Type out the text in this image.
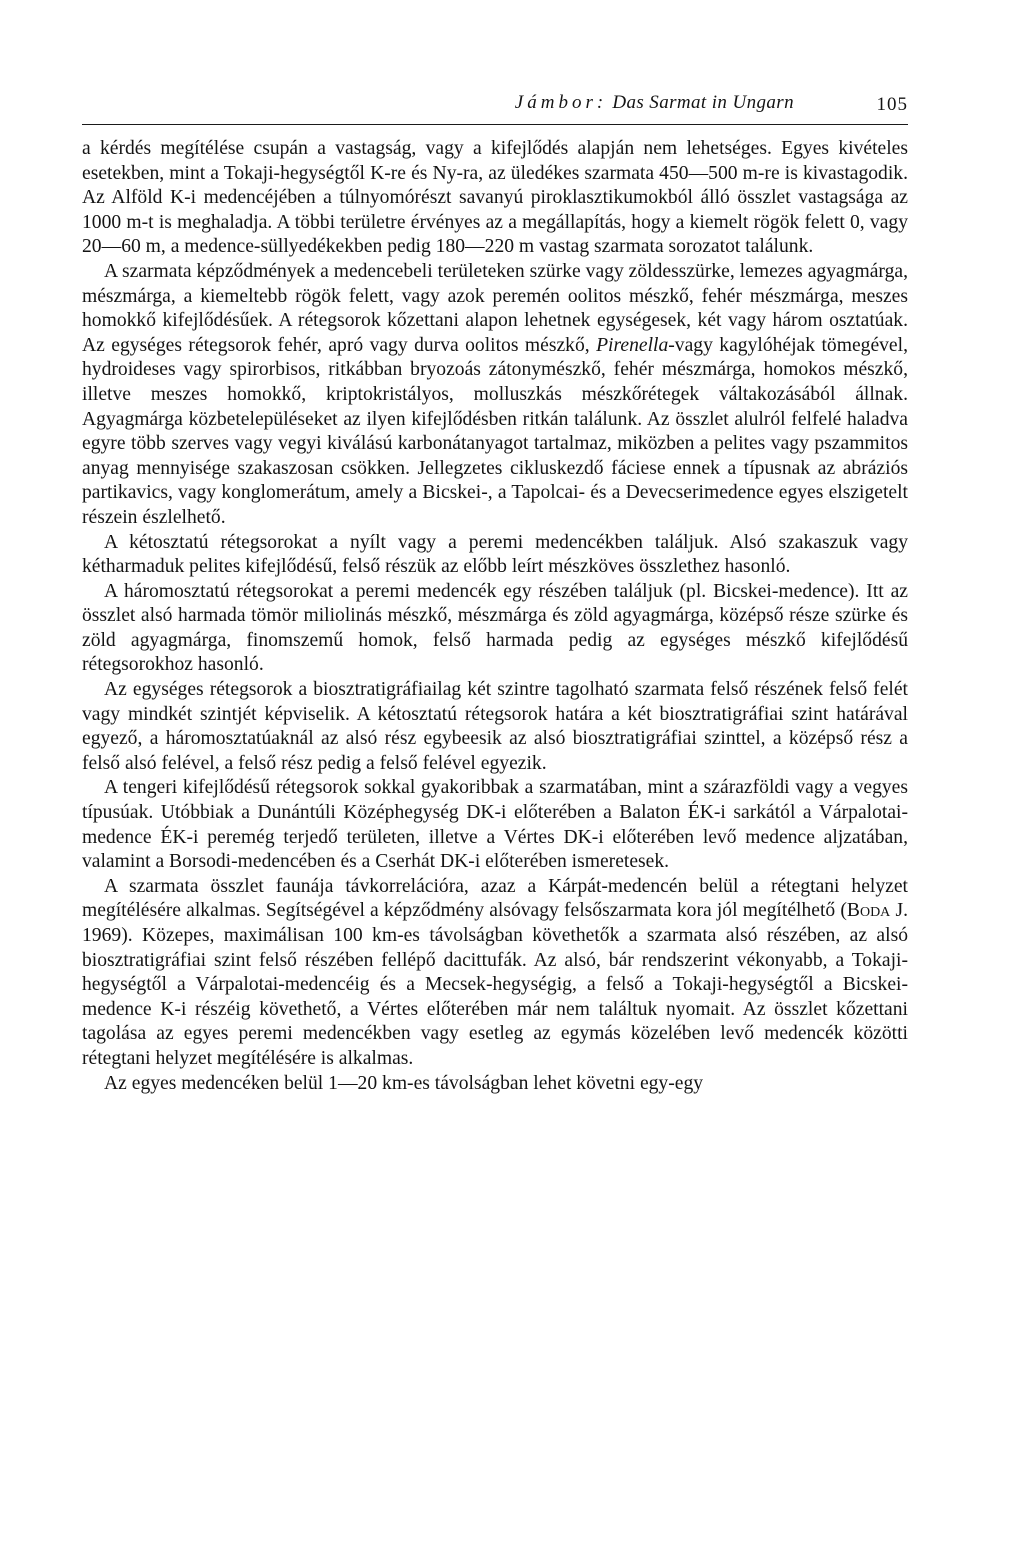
Jámbor: Das Sarmat in Ungarn	105

a kérdés megítélése csupán a vastagság, vagy a kifejlődés alapján nem lehetséges. Egyes kivételes esetekben, mint a Tokaji-hegységtől K-re és Ny-ra, az üledékes szarmata 450—500 m-re is kivastagodik. Az Alföld K-i medencéjében a túlnyomórészt savanyú piroklasztikumokból álló összlet vastagsága az 1000 m-t is meghaladja. A többi területre érvényes az a megállapítás, hogy a kiemelt rögök felett 0, vagy 20—60 m, a medence-süllyedékekben pedig 180—220 m vastag szarmata sorozatot találunk.

A szarmata képződmények a medencebeli területeken szürke vagy zöldesszürke, lemezes agyagmárga, mészmárga, a kiemeltebb rögök felett, vagy azok peremén oolitos mészkő, fehér mészmárga, meszes homokkő kifejlődésűek. A rétegsorok kőzettani alapon lehetnek egységesek, két vagy három osztatúak. Az egységes rétegsorok fehér, apró vagy durva oolitos mészkő, Pirenella-vagy kagylóhéjak tömegével, hydroideses vagy spirorbisos, ritkábban bryozoás zátonymészkő, fehér mészmárga, homokos mészkő, illetve meszes homokkő, kriptokristályos, molluszkás mészkőrétegek váltakozásából állnak. Agyagmárga közbetelepüléseket az ilyen kifejlődésben ritkán találunk. Az összlet alulról felfelé haladva egyre több szerves vagy vegyi kiválású karbonátanyagot tartalmaz, miközben a pelites vagy pszammitos anyag mennyisége szakaszosan csökken. Jellegzetes cikluskezdő fáciese ennek a típusnak az abráziós partikavics, vagy konglomerátum, amely a Bicskei-, a Tapolcai- és a Devecserimedence egyes elszigetelt részein észlelhető.

A kétosztatú rétegsorokat a nyílt vagy a peremi medencékben találjuk. Alsó szakaszuk vagy kétharmaduk pelites kifejlődésű, felső részük az előbb leírt mészköves összlethez hasonló.

A háromosztatú rétegsorokat a peremi medencék egy részében találjuk (pl. Bicskei-medence). Itt az összlet alsó harmada tömör miliolinás mészkő, mészmárga és zöld agyagmárga, középső része szürke és zöld agyagmárga, finomszemű homok, felső harmada pedig az egységes mészkő kifejlődésű rétegsorokhoz hasonló.

Az egységes rétegsorok a biosztratigráfiailag két szintre tagolható szarmata felső részének felső felét vagy mindkét szintjét képviselik. A kétosztatú rétegsorok határa a két biosztratigráfiai szint határával egyező, a háromosztatúaknál az alsó rész egybeesik az alsó biosztratigráfiai szinttel, a középső rész a felső alsó felével, a felső rész pedig a felső felével egyezik.

A tengeri kifejlődésű rétegsorok sokkal gyakoribbak a szarmatában, mint a szárazföldi vagy a vegyes típusúak. Utóbbiak a Dunántúli Középhegység DK-i előterében a Balaton ÉK-i sarkától a Várpalotai-medence ÉK-i peremég terjedő területen, illetve a Vértes DK-i előterében levő medence aljzatában, valamint a Borsodi-medencében és a Cserhát DK-i előterében ismeretesek.

A szarmata összlet faunája távkorrelációra, azaz a Kárpát-medencén belül a rétegtani helyzet megítélésére alkalmas. Segítségével a képződmény alsóvagy felsőszarmata kora jól megítélhető (Boda J. 1969). Közepes, maximálisan 100 km-es távolságban követhetők a szarmata alsó részében, az alsó biosztratigráfiai szint felső részében fellépő dacittufák. Az alsó, bár rendszerint vékonyabb, a Tokaji-hegységtől a Várpalotai-medencéig és a Mecsek-hegységig, a felső a Tokaji-hegységtől a Bicskei-medence K-i részéig követhető, a Vértes előterében már nem találtuk nyomait. Az összlet kőzettani tagolása az egyes peremi medencékben vagy esetleg az egymás közelében levő medencék közötti rétegtani helyzet megítélésére is alkalmas.

Az egyes medencéken belül 1—20 km-es távolságban lehet követni egy-egy
